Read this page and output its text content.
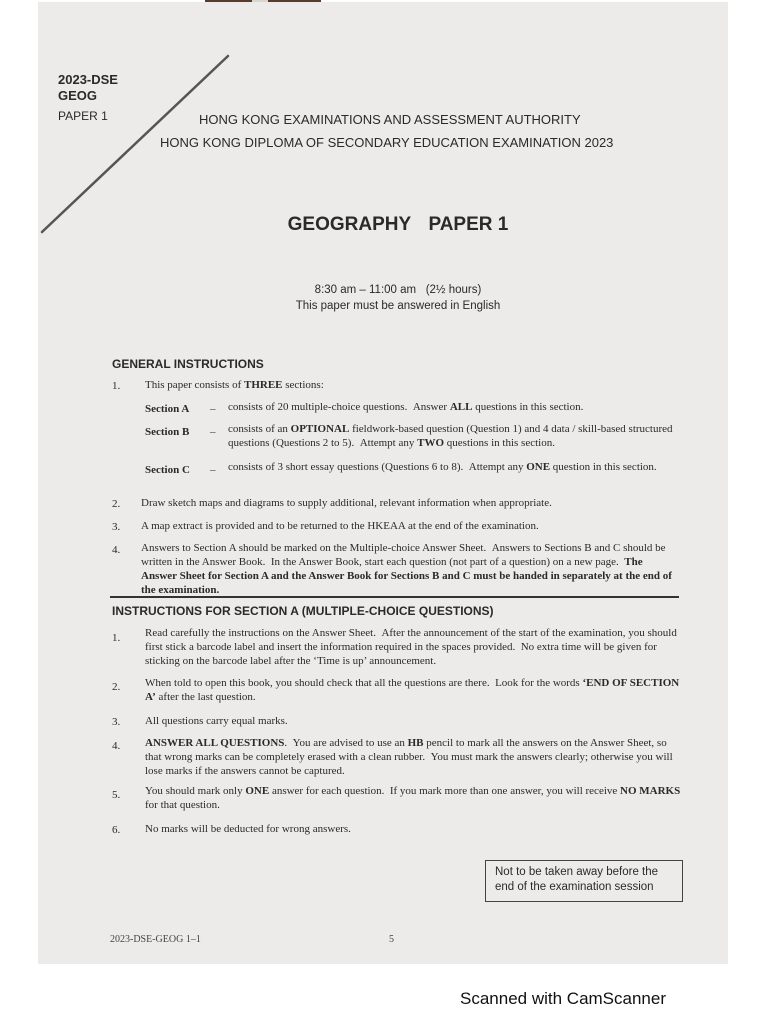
2023-DSE
GEOG
PAPER 1	HONG KONG EXAMINATIONS AND ASSESSMENT AUTHORITY
HONG KONG DIPLOMA OF SECONDARY EDUCATION EXAMINATION 2023
GEOGRAPHY PAPER 1
8:30 am – 11:00 am (2½ hours)
This paper must be answered in English
GENERAL INSTRUCTIONS
1. This paper consists of THREE sections:
Section A – consists of 20 multiple-choice questions.  Answer ALL questions in this section.
Section B – consists of an OPTIONAL fieldwork-based question (Question 1) and 4 data / skill-based structured questions (Questions 2 to 5).  Attempt any TWO questions in this section.
Section C – consists of 3 short essay questions (Questions 6 to 8).  Attempt any ONE question in this section.
2. Draw sketch maps and diagrams to supply additional, relevant information when appropriate.
3. A map extract is provided and to be returned to the HKEAA at the end of the examination.
4. Answers to Section A should be marked on the Multiple-choice Answer Sheet.  Answers to Sections B and C should be written in the Answer Book.  In the Answer Book, start each question (not part of a question) on a new page.  The Answer Sheet for Section A and the Answer Book for Sections B and C must be handed in separately at the end of the examination.
INSTRUCTIONS FOR SECTION A (MULTIPLE-CHOICE QUESTIONS)
1. Read carefully the instructions on the Answer Sheet.  After the announcement of the start of the examination, you should first stick a barcode label and insert the information required in the spaces provided.  No extra time will be given for sticking on the barcode label after the ‘Time is up’ announcement.
2. When told to open this book, you should check that all the questions are there.  Look for the words ‘END OF SECTION A’ after the last question.
3. All questions carry equal marks.
4. ANSWER ALL QUESTIONS.  You are advised to use an HB pencil to mark all the answers on the Answer Sheet, so that wrong marks can be completely erased with a clean rubber.  You must mark the answers clearly; otherwise you will lose marks if the answers cannot be captured.
5. You should mark only ONE answer for each question.  If you mark more than one answer, you will receive NO MARKS for that question.
6. No marks will be deducted for wrong answers.
Not to be taken away before the
end of the examination session
2023-DSE-GEOG 1–1	5
Scanned with CamScanner
